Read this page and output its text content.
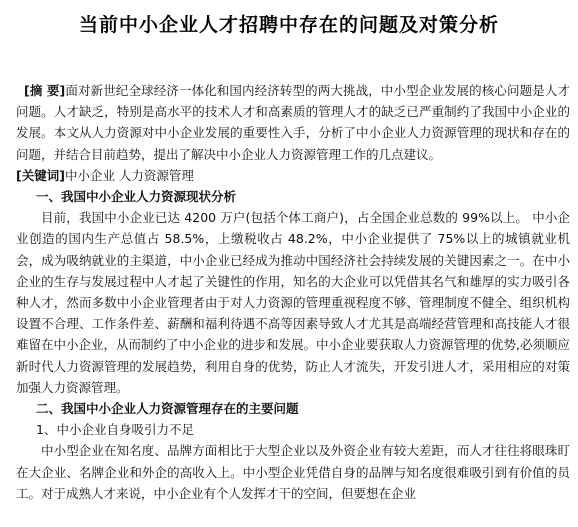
当前中小企业人才招聘中存在的问题及对策分析

[摘 要]面对新世纪全球经济一体化和国内经济转型的两大挑战，中小型企业发展的核心问题是人才问题。人才缺乏，特别是高水平的技术人才和高素质的管理人才的缺乏已严重制约了我国中小企业的发展。本文从人力资源对中小企业发展的重要性入手，分析了中小企业人力资源管理的现状和存在的问题，并结合目前趋势，提出了解决中小企业人力资源管理工作的几点建议。

[关键词]中小企业 人力资源管理

一、我国中小企业人力资源现状分析

目前，我国中小企业已达 4200 万户(包括个体工商户)，占全国企业总数的 99%以上。 中小企业创造的国内生产总值占 58.5%，上缴税收占 48.2%，中小企业提供了 75%以上的城镇就业机会，成为吸纳就业的主渠道，中小企业已经成为推动中国经济社会持续发展的关键因素之一。在中小企业的生存与发展过程中人才起了关键性的作用，知名的大企业可以凭借其名气和雄厚的实力吸引各种人才，然而多数中小企业管理者由于对人力资源的管理重视程度不够、管理制度不健全、组织机构设置不合理、工作条件差、薪酬和福利待遇不高等因素导致人才尤其是高端经营管理和高技能人才很难留在中小企业，从而制约了中小企业的进步和发展。中小企业要获取人力资源管理的优势,必须顺应新时代人力资源管理的发展趋势，利用自身的优势，防止人才流失，开发引进人才，采用相应的对策加强人力资源管理。

二、我国中小企业人力资源管理存在的主要问题

1、中小企业自身吸引力不足

中小型企业在知名度、品牌方面相比于大型企业以及外资企业有较大差距，而人才往往将眼珠盯在大企业、名牌企业和外企的高收入上。中小型企业凭借自身的品牌与知名度很难吸引到有价值的员工。对于成熟人才来说，中小企业有个人发挥才干的空间，但要想在企业
